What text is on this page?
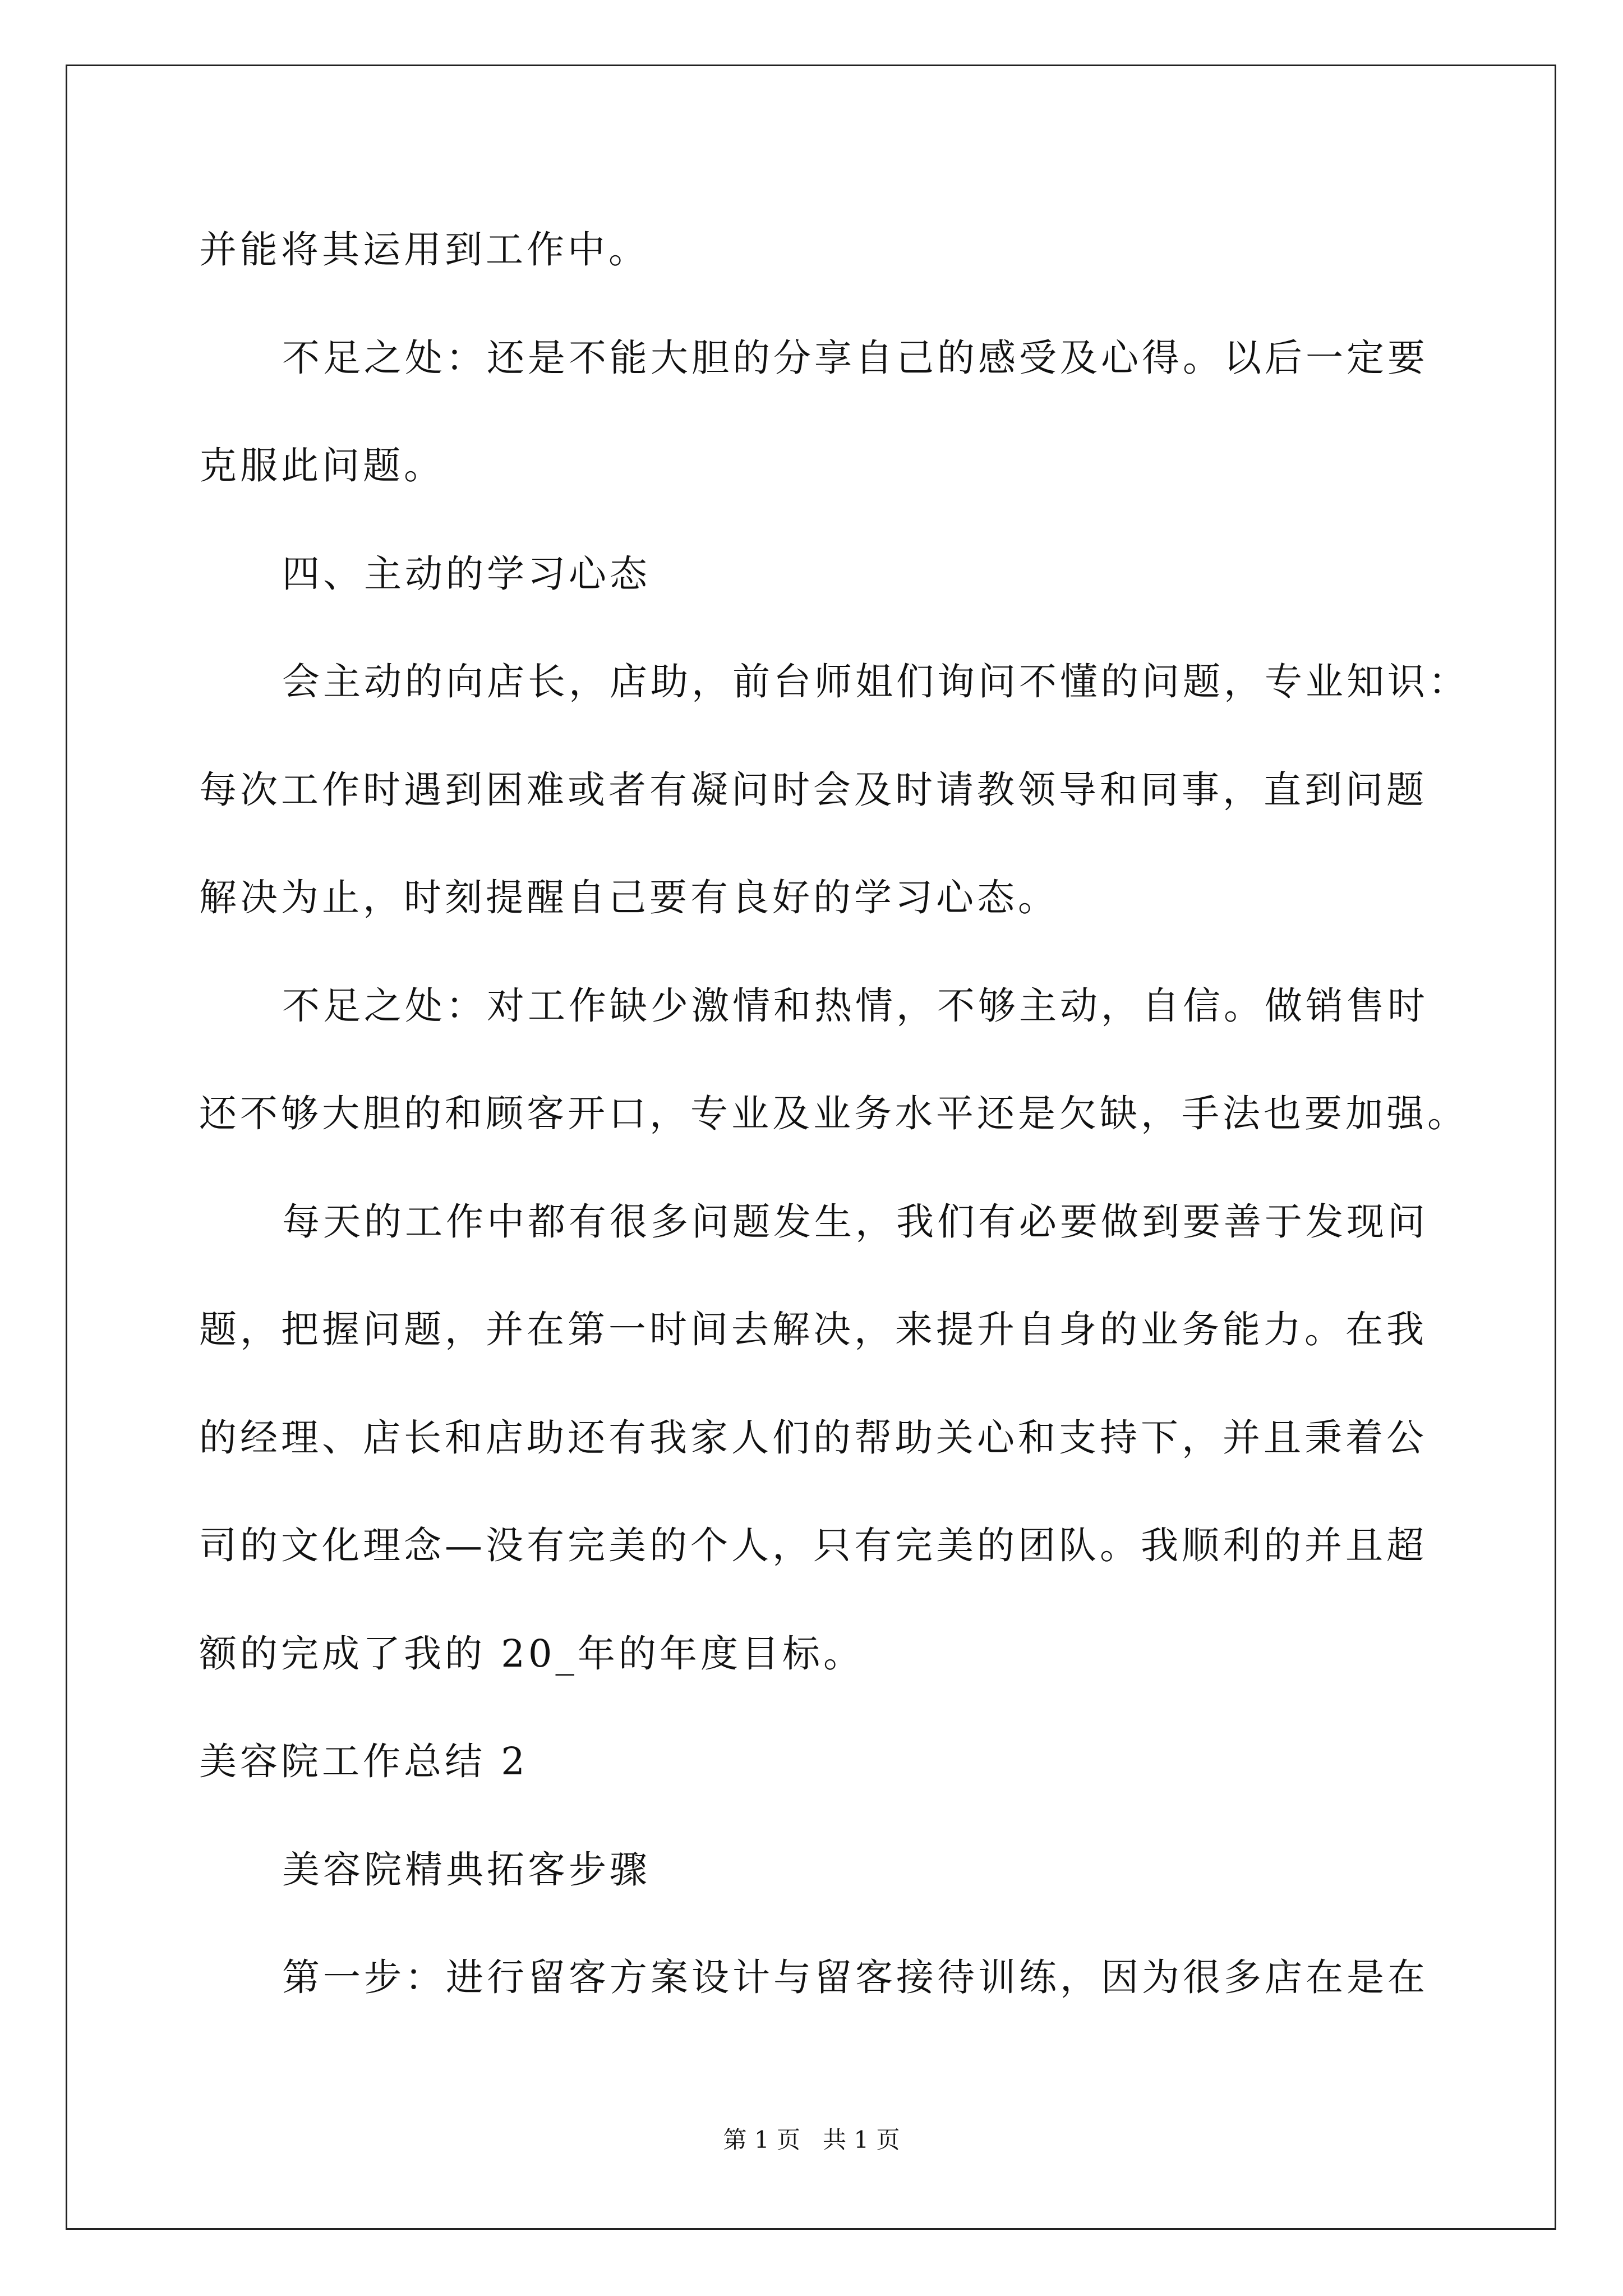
并能将其运用到工作中。
不足之处：还是不能大胆的分享自己的感受及心得。以后一定要
克服此问题。
四、主动的学习心态
会主动的向店长，店助，前台师姐们询问不懂的问题，专业知识：
每次工作时遇到困难或者有凝问时会及时请教领导和同事，直到问题
解决为止，时刻提醒自己要有良好的学习心态。
不足之处：对工作缺少激情和热情，不够主动，自信。做销售时
还不够大胆的和顾客开口，专业及业务水平还是欠缺，手法也要加强。
每天的工作中都有很多问题发生，我们有必要做到要善于发现问
题，把握问题，并在第一时间去解决，来提升自身的业务能力。在我
的经理、店长和店助还有我家人们的帮助关心和支持下，并且秉着公
司的文化理念—没有完美的个人，只有完美的团队。我顺利的并且超
额的完成了我的 20_年的年度目标。
美容院工作总结 2
美容院精典拓客步骤
第一步：进行留客方案设计与留客接待训练，因为很多店在是在
第 1 页   共 1 页
